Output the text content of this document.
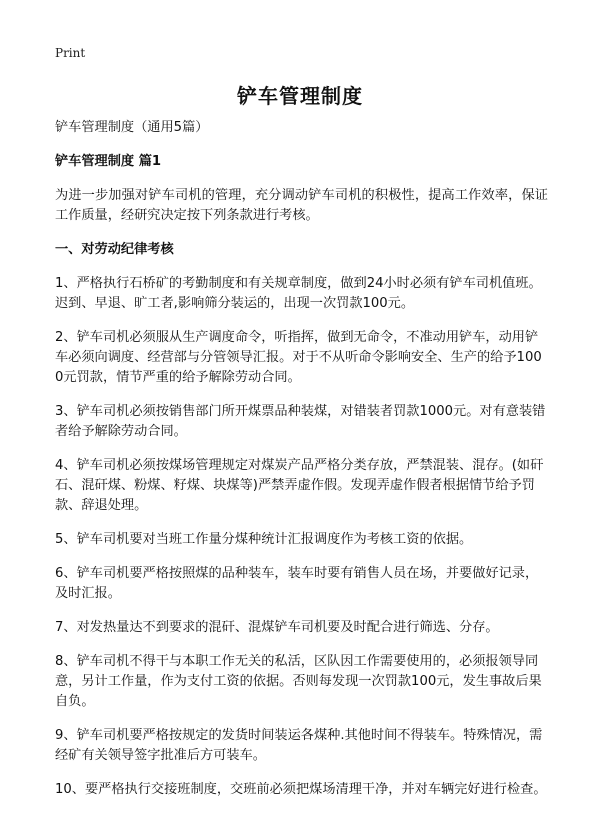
Print
铲车管理制度

铲车管理制度（通用5篇）

铲车管理制度 篇1

为进一步加强对铲车司机的管理，充分调动铲车司机的积极性，提高工作效率，保证工作质量，经研究决定按下列条款进行考核。

一、对劳动纪律考核

1、严格执行石桥矿的考勤制度和有关规章制度，做到24小时必须有铲车司机值班。迟到、早退、旷工者,影响筛分装运的，出现一次罚款100元。
2、铲车司机必须服从生产调度命令，听指挥，做到无命令，不准动用铲车，动用铲车必须向调度、经营部与分管领导汇报。对于不从听命令影响安全、生产的给予1000元罚款，情节严重的给予解除劳动合同。
3、铲车司机必须按销售部门所开煤票品种装煤，对错装者罚款1000元。对有意装错者给予解除劳动合同。
4、铲车司机必须按煤场管理规定对煤炭产品严格分类存放，严禁混装、混存。(如矸石、混矸煤、粉煤、籽煤、块煤等)严禁弄虚作假。发现弄虚作假者根据情节给予罚款、辞退处理。
5、铲车司机要对当班工作量分煤种统计汇报调度作为考核工资的依据。
6、铲车司机要严格按照煤的品种装车，装车时要有销售人员在场，并要做好记录，及时汇报。
7、对发热量达不到要求的混矸、混煤铲车司机要及时配合进行筛选、分存。
8、铲车司机不得干与本职工作无关的私活，区队因工作需要使用的，必须报领导同意，另计工作量，作为支付工资的依据。否则每发现一次罚款100元，发生事故后果自负。
9、铲车司机要严格按规定的发货时间装运各煤种.其他时间不得装车。特殊情况，需经矿有关领导签字批准后方可装车。
10、要严格执行交接班制度，交班前必须把煤场清理干净，并对车辆完好进行检查。
